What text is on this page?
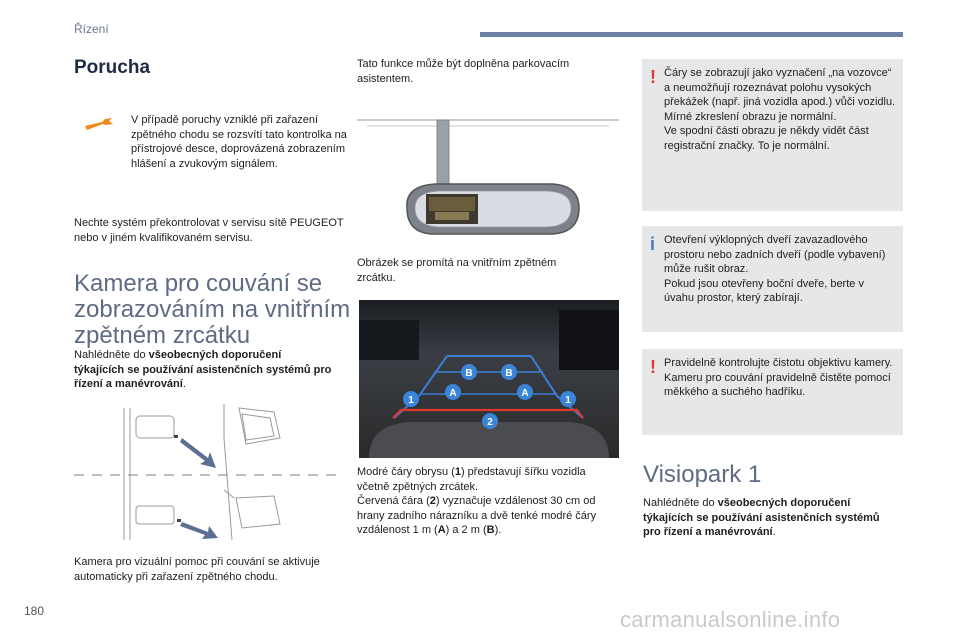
Řízení
Porucha
V případě poruchy vzniklé při zařazení zpětného chodu se rozsvítí tato kontrolka na přístrojové desce, doprovázená zobrazením hlášení a zvukovým signálem.
Nechte systém překontrolovat v servisu sítě PEUGEOT nebo v jiném kvalifikovaném servisu.
Kamera pro couvání se zobrazováním na vnitřním zpětném zrcátku
Nahlédněte do všeobecných doporučení týkajících se používání asistenčních systémů pro řízení a manévrování.
Kamera pro vizuální pomoc při couvání se aktivuje automaticky při zařazení zpětného chodu.
Tato funkce může být doplněna parkovacím asistentem.
Obrázek se promítá na vnitřním zpětném zrcátku.
B	B
A	A
1	1
2
Modré čáry obrysu (1) představují šířku vozidla včetně zpětných zrcátek.
Červená čára (2) vyznačuje vzdálenost 30 cm od hrany zadního nárazníku a dvě tenké modré čáry vzdálenost 1 m (A) a 2 m (B).
! Čáry se zobrazují jako vyznačení „na vozovce“ a neumožňují rozeznávat polohu vysokých překážek (např. jiná vozidla apod.) vůči vozidlu.
Mírné zkreslení obrazu je normální.
Ve spodní části obrazu je někdy vidět část registrační značky. To je normální.
i Otevření výklopných dveří zavazadlového prostoru nebo zadních dveří (podle vybavení) může rušit obraz.
Pokud jsou otevřeny boční dveře, berte v úvahu prostor, který zabírají.
! Pravidelně kontrolujte čistotu objektivu kamery.
Kameru pro couvání pravidelně čistěte pomocí měkkého a suchého hadříku.
Visiopark 1
Nahlédněte do všeobecných doporučení týkajících se používání asistenčních systémů pro řízení a manévrování.
180	carmanualsonline.info
